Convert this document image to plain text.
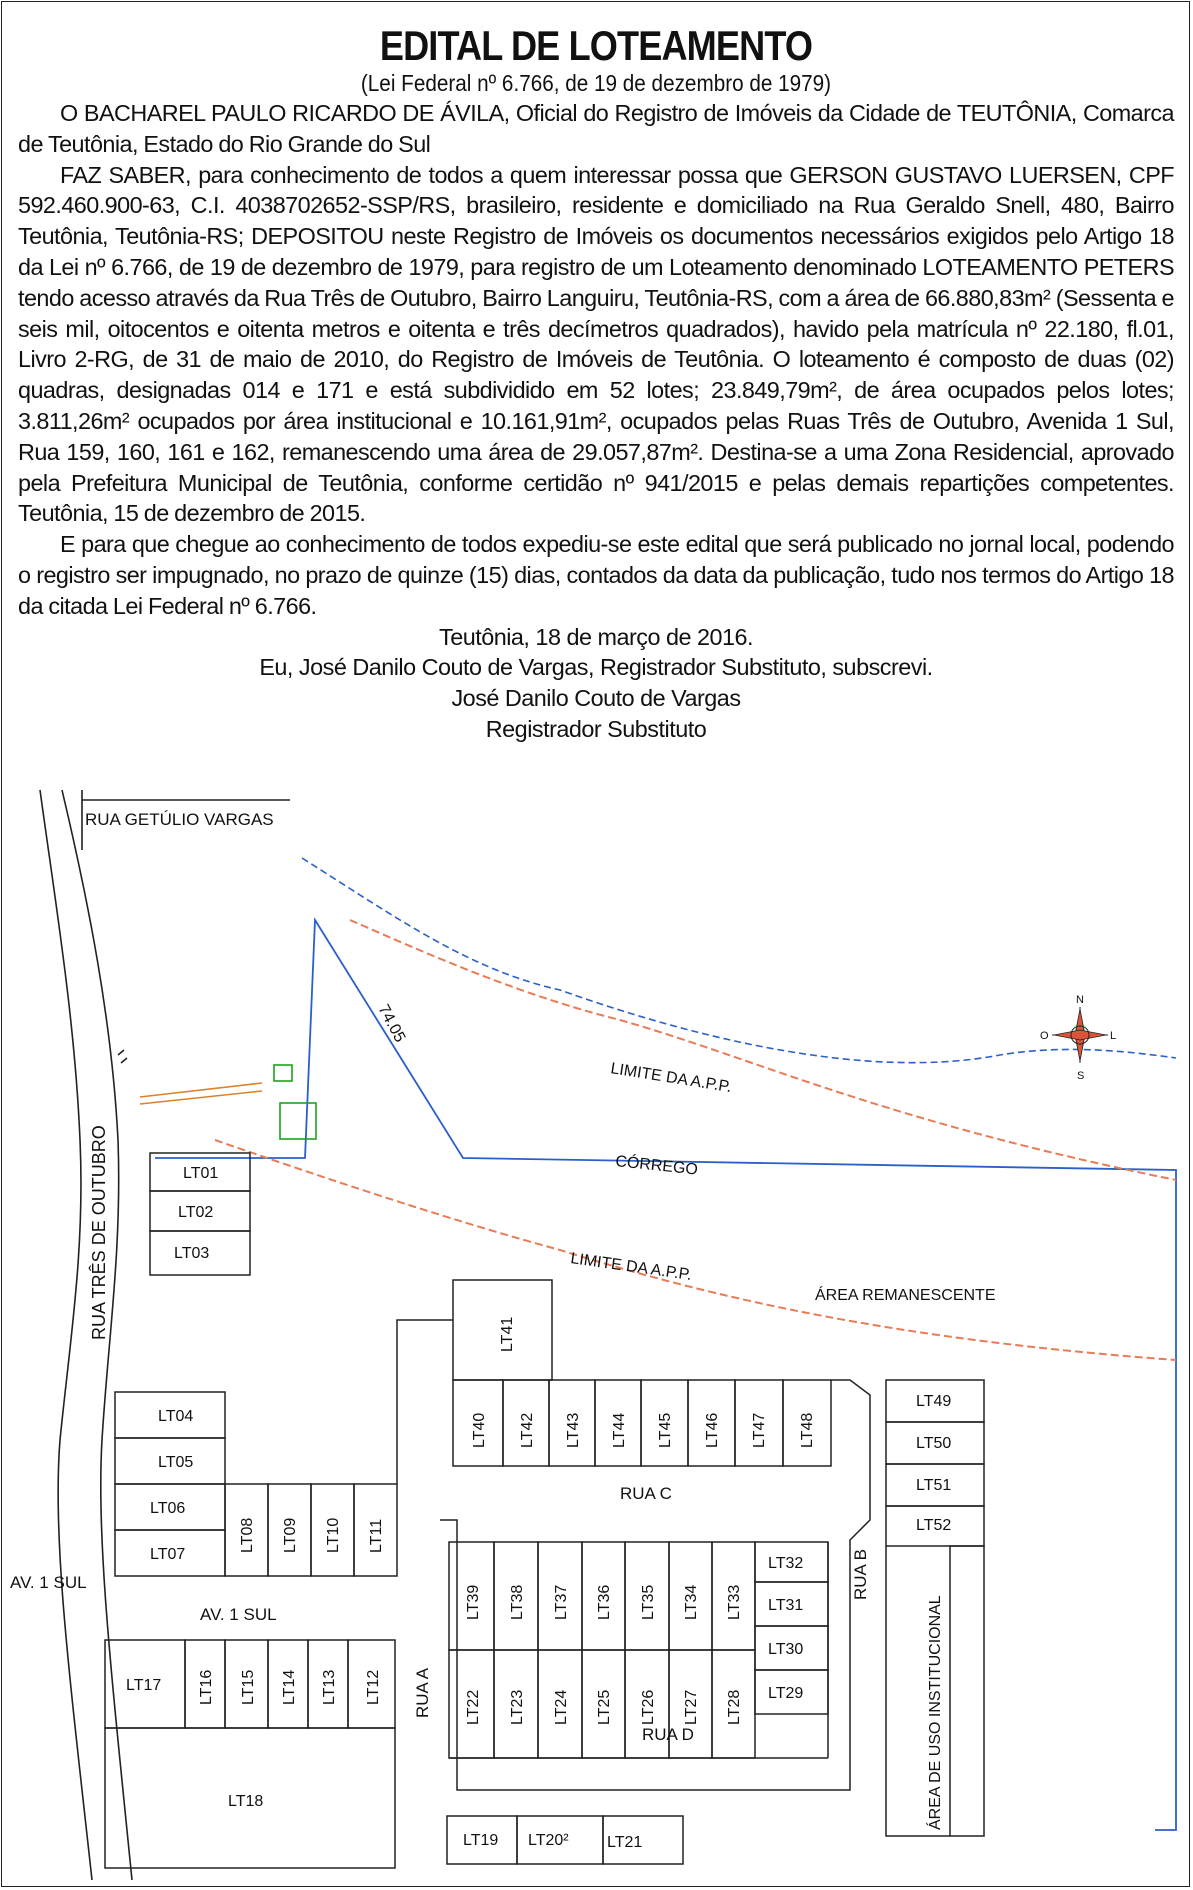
EDITAL DE LOTEAMENTO

(Lei Federal nº 6.766, de 19 de dezembro de 1979)

O BACHAREL PAULO RICARDO DE ÁVILA, Oficial do Registro de Imóveis da Cidade de TEUTÔNIA, Comarca de Teutônia, Estado do Rio Grande do Sul

FAZ SABER, para conhecimento de todos a quem interessar possa que GERSON GUSTAVO LUERSEN, CPF 592.460.900-63, C.I. 4038702652-SSP/RS, brasileiro, residente e domiciliado na Rua Geraldo Snell, 480, Bairro Teutônia, Teutônia-RS; DEPOSITOU neste Registro de Imóveis os documentos necessários exigidos pelo Artigo 18 da Lei nº 6.766, de 19 de dezembro de 1979, para registro de um Loteamento denominado LOTEAMENTO PETERS tendo acesso através da Rua Três de Outubro, Bairro Languiru, Teutônia-RS, com a área de 66.880,83m² (Sessenta e seis mil, oitocentos e oitenta metros e oitenta e três decímetros quadrados), havido pela matrícula nº 22.180, fl.01, Livro 2-RG, de 31 de maio de 2010, do Registro de Imóveis de Teutônia. O loteamento é composto de duas (02) quadras, designadas 014 e 171 e está subdividido em 52 lotes; 23.849,79m², de área ocupados pelos lotes; 3.811,26m² ocupados por área institucional e 10.161,91m², ocupados pelas Ruas Três de Outubro, Avenida 1 Sul, Rua 159, 160, 161 e 162, remanescendo uma área de 29.057,87m². Destina-se a uma Zona Residencial, aprovado pela Prefeitura Municipal de Teutônia, conforme certidão nº 941/2015 e pelas demais repartições competentes. Teutônia, 15 de dezembro de 2015.

E para que chegue ao conhecimento de todos expediu-se este edital que será publicado no jornal local, podendo o registro ser impugnado, no prazo de quinze (15) dias, contados da data da publicação, tudo nos termos do Artigo 18 da citada Lei Federal nº 6.766.

Teutônia, 18 de março de 2016.

Eu, José Danilo Couto de Vargas, Registrador Substituto, subscrevi.

José Danilo Couto de Vargas

Registrador Substituto

N
S
O	L
RUA GETÚLIO VARGAS
RUA TRÊS DE OUTUBRO
AV. 1 SUL
AV. 1 SUL
RUA A
RUA B
RUA C
RUA D
LIMITE DA A.P.P.
LIMITE DA A.P.P.
CÓRREGO
ÁREA REMANESCENTE
ÁREA DE USO INSTITUCIONAL
74.05
LT01
LT02
LT03
LT04
LT05
LT06
LT07
LT08 LT09 LT10 LT11
LT12
LT13
LT14
LT15
LT16
LT17
LT18
LT19 LT20² LT21
LT22 LT23 LT24 LT25 LT26 LT27 LT28 LT29
LT30
LT31
LT32
LT33
LT34
LT35
LT36
LT37
LT38
LT39
LT40 LT42 LT43 LT44 LT45 LT46 LT47 LT48
LT41
LT49
LT50
LT51
LT52
